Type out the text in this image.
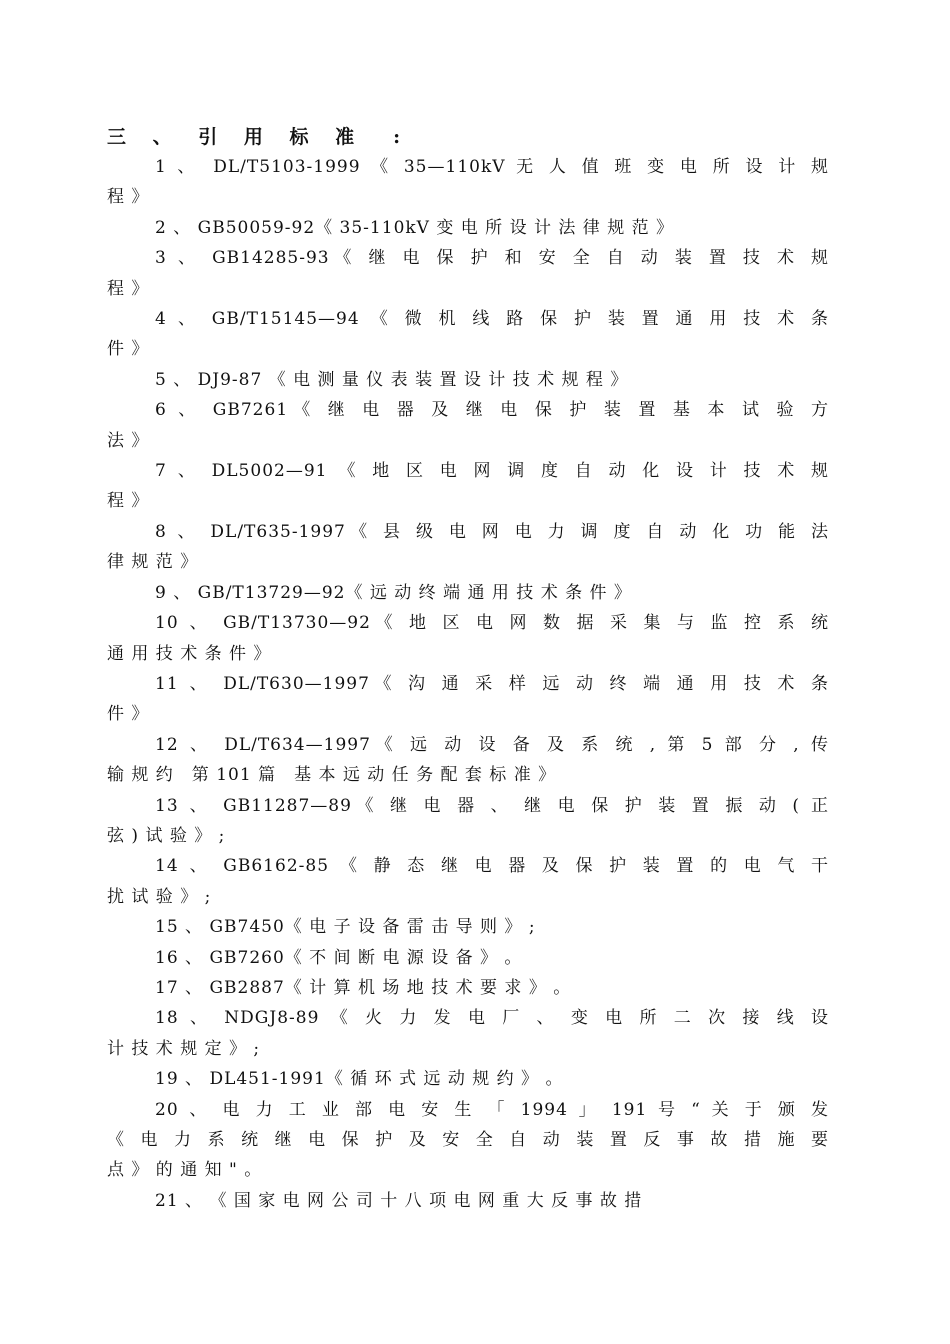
三 、 引 用 标 准　:
1 、　DL/T5103-1999 《 35—110kV 无 人 值 班 变 电 所 设 计 规
程 》
2 、 GB50059-92《 35-110kV 变 电 所 设 计 法 律 规 范 》
3 、 GB14285-93《 继 电 保 护 和 安 全 自 动 装 置 技 术 规
程 》
4 、 GB/T15145—94 《 微 机 线 路 保 护 装 置 通 用 技 术 条
件 》
5 、 DJ9-87 《 电 测 量 仪 表 装 置 设 计 技 术 规 程 》
6 、 GB7261《 继 电 器 及 继 电 保 护 装 置 基 本 试 验 方
法 》
7 、 DL5002—91 《 地 区 电 网 调 度 自 动 化 设 计 技 术 规
程 》
8 、 DL/T635-1997《 县 级 电 网 电 力 调 度 自 动 化 功 能 法
律 规 范 》
9 、 GB/T13729—92《 远 动 终 端 通 用 技 术 条 件 》
10 、 GB/T13730—92《 地 区 电 网 数 据 采 集 与 监 控 系 统
通 用 技 术 条 件 》
11 、 DL/T630—1997《 沟 通 采 样 远 动 终 端 通 用 技 术 条
件 》
12 、 DL/T634—1997《 远 动 设 备 及 系 统 , 第 5 部 分 , 传
输 规 约　第 101 篇　基 本 远 动 任 务 配 套 标 准 》
13 、 GB11287—89《 继 电 器 、 继 电 保 护 装 置 振 动 ( 正
弦 ) 试 验 》 ;
14 、 GB6162-85 《 静 态 继 电 器 及 保 护 装 置 的 电 气 干
扰 试 验 》 ;
15 、 GB7450《 电 子 设 备 雷 击 导 则 》 ;
16 、 GB7260《 不 间 断 电 源 设 备 》 。
17 、 GB2887《 计 算 机 场 地 技 术 要 求 》 。
18 、 NDGJ8-89 《 火 力 发 电 厂 、 变 电 所 二 次 接 线 设
计 技 术 规 定 》 ;
19 、 DL451-1991《 循 环 式 远 动 规 约 》 。
20 、 电 力 工 业 部 电 安 生 「 1994 」 191 号 “ 关 于 颁 发
《 电 力 系 统 继 电 保 护 及 安 全 自 动 装 置 反 事 故 措 施 要
点 》 的 通 知 " 。
21 、 《 国 家 电 网 公 司 十 八 项 电 网 重 大 反 事 故 措
